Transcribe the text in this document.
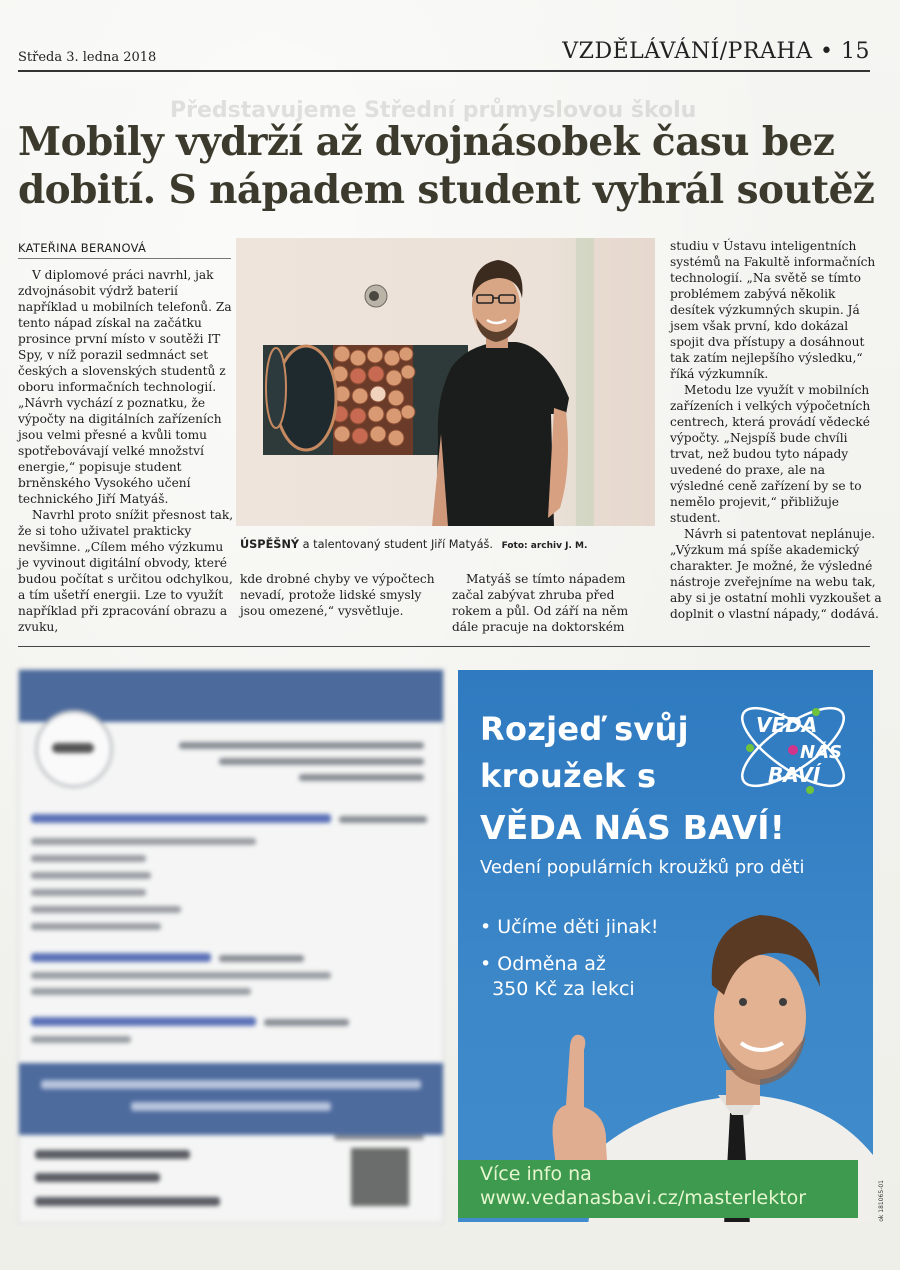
Středa 3. ledna 2018	VZDĚLÁVÁNÍ/PRAHA • 15
Představujeme Střední průmyslovou školu
Mobily vydrží až dvojnásobek času bez
dobití. S nápadem student vyhrál soutěž
KATEŘINA BERANOVÁ

V diplomové práci navrhl, jak zdvojnásobit výdrž baterií například u mobilních telefonů. Za tento nápad získal na začátku prosince první místo v soutěži IT Spy, v níž porazil sedmnáct set českých a slovenských studentů z oboru informačních technologií.

„Návrh vychází z poznatku, že výpočty na digitálních zařízeních jsou velmi přesné a kvůli tomu spotřebovávají velké množství energie,“ popisuje student brněnského Vysokého učení technického Jiří Matyáš.

Navrhl proto snížit přesnost tak, že si toho uživatel prakticky nevšimne. „Cílem mého výzkumu je vyvinout digitální obvody, které budou počítat s určitou odchylkou, a tím ušetří energii. Lze to využít například při zpracování obrazu a zvuku,

ÚSPĚŠNÝ a talentovaný student Jiří Matyáš. Foto: archiv J. M.

kde drobné chyby ve výpočtech nevadí, protože lidské smysly jsou omezené,“ vysvětluje.

Matyáš se tímto nápadem začal zabývat zhruba před rokem a půl. Od září na něm dále pracuje na doktorském

studiu v Ústavu inteligentních systémů na Fakultě informačních technologií. „Na světě se tímto problémem zabývá několik desítek výzkumných skupin. Já jsem však první, kdo dokázal spojit dva přístupy a dosáhnout tak zatím nejlepšího výsledku,“ říká výzkumník.

Metodu lze využít v mobilních zařízeních i velkých výpočetních centrech, která provádí vědecké výpočty. „Nejspíš bude chvíli trvat, než budou tyto nápady uvedené do praxe, ale na výsledné ceně zařízení by se to nemělo projevit,“ přibližuje student.

Návrh si patentovat neplánuje. „Výzkum má spíše akademický charakter. Je možné, že výsledné nástroje zveřejníme na webu tak, aby si je ostatní mohli vyzkoušet a doplnit o vlastní nápady,“ dodává.

Rozjeď svůj
kroužek s
VĚDA
NÁS
BAVÍ
VĚDA NÁS BAVÍ!
Vedení populárních kroužků pro děti
• Učíme děti jinak!
• Odměna až
350 Kč za lekci
Více info na
www.vedanasbavi.cz/masterlektor	ok 181065-01
